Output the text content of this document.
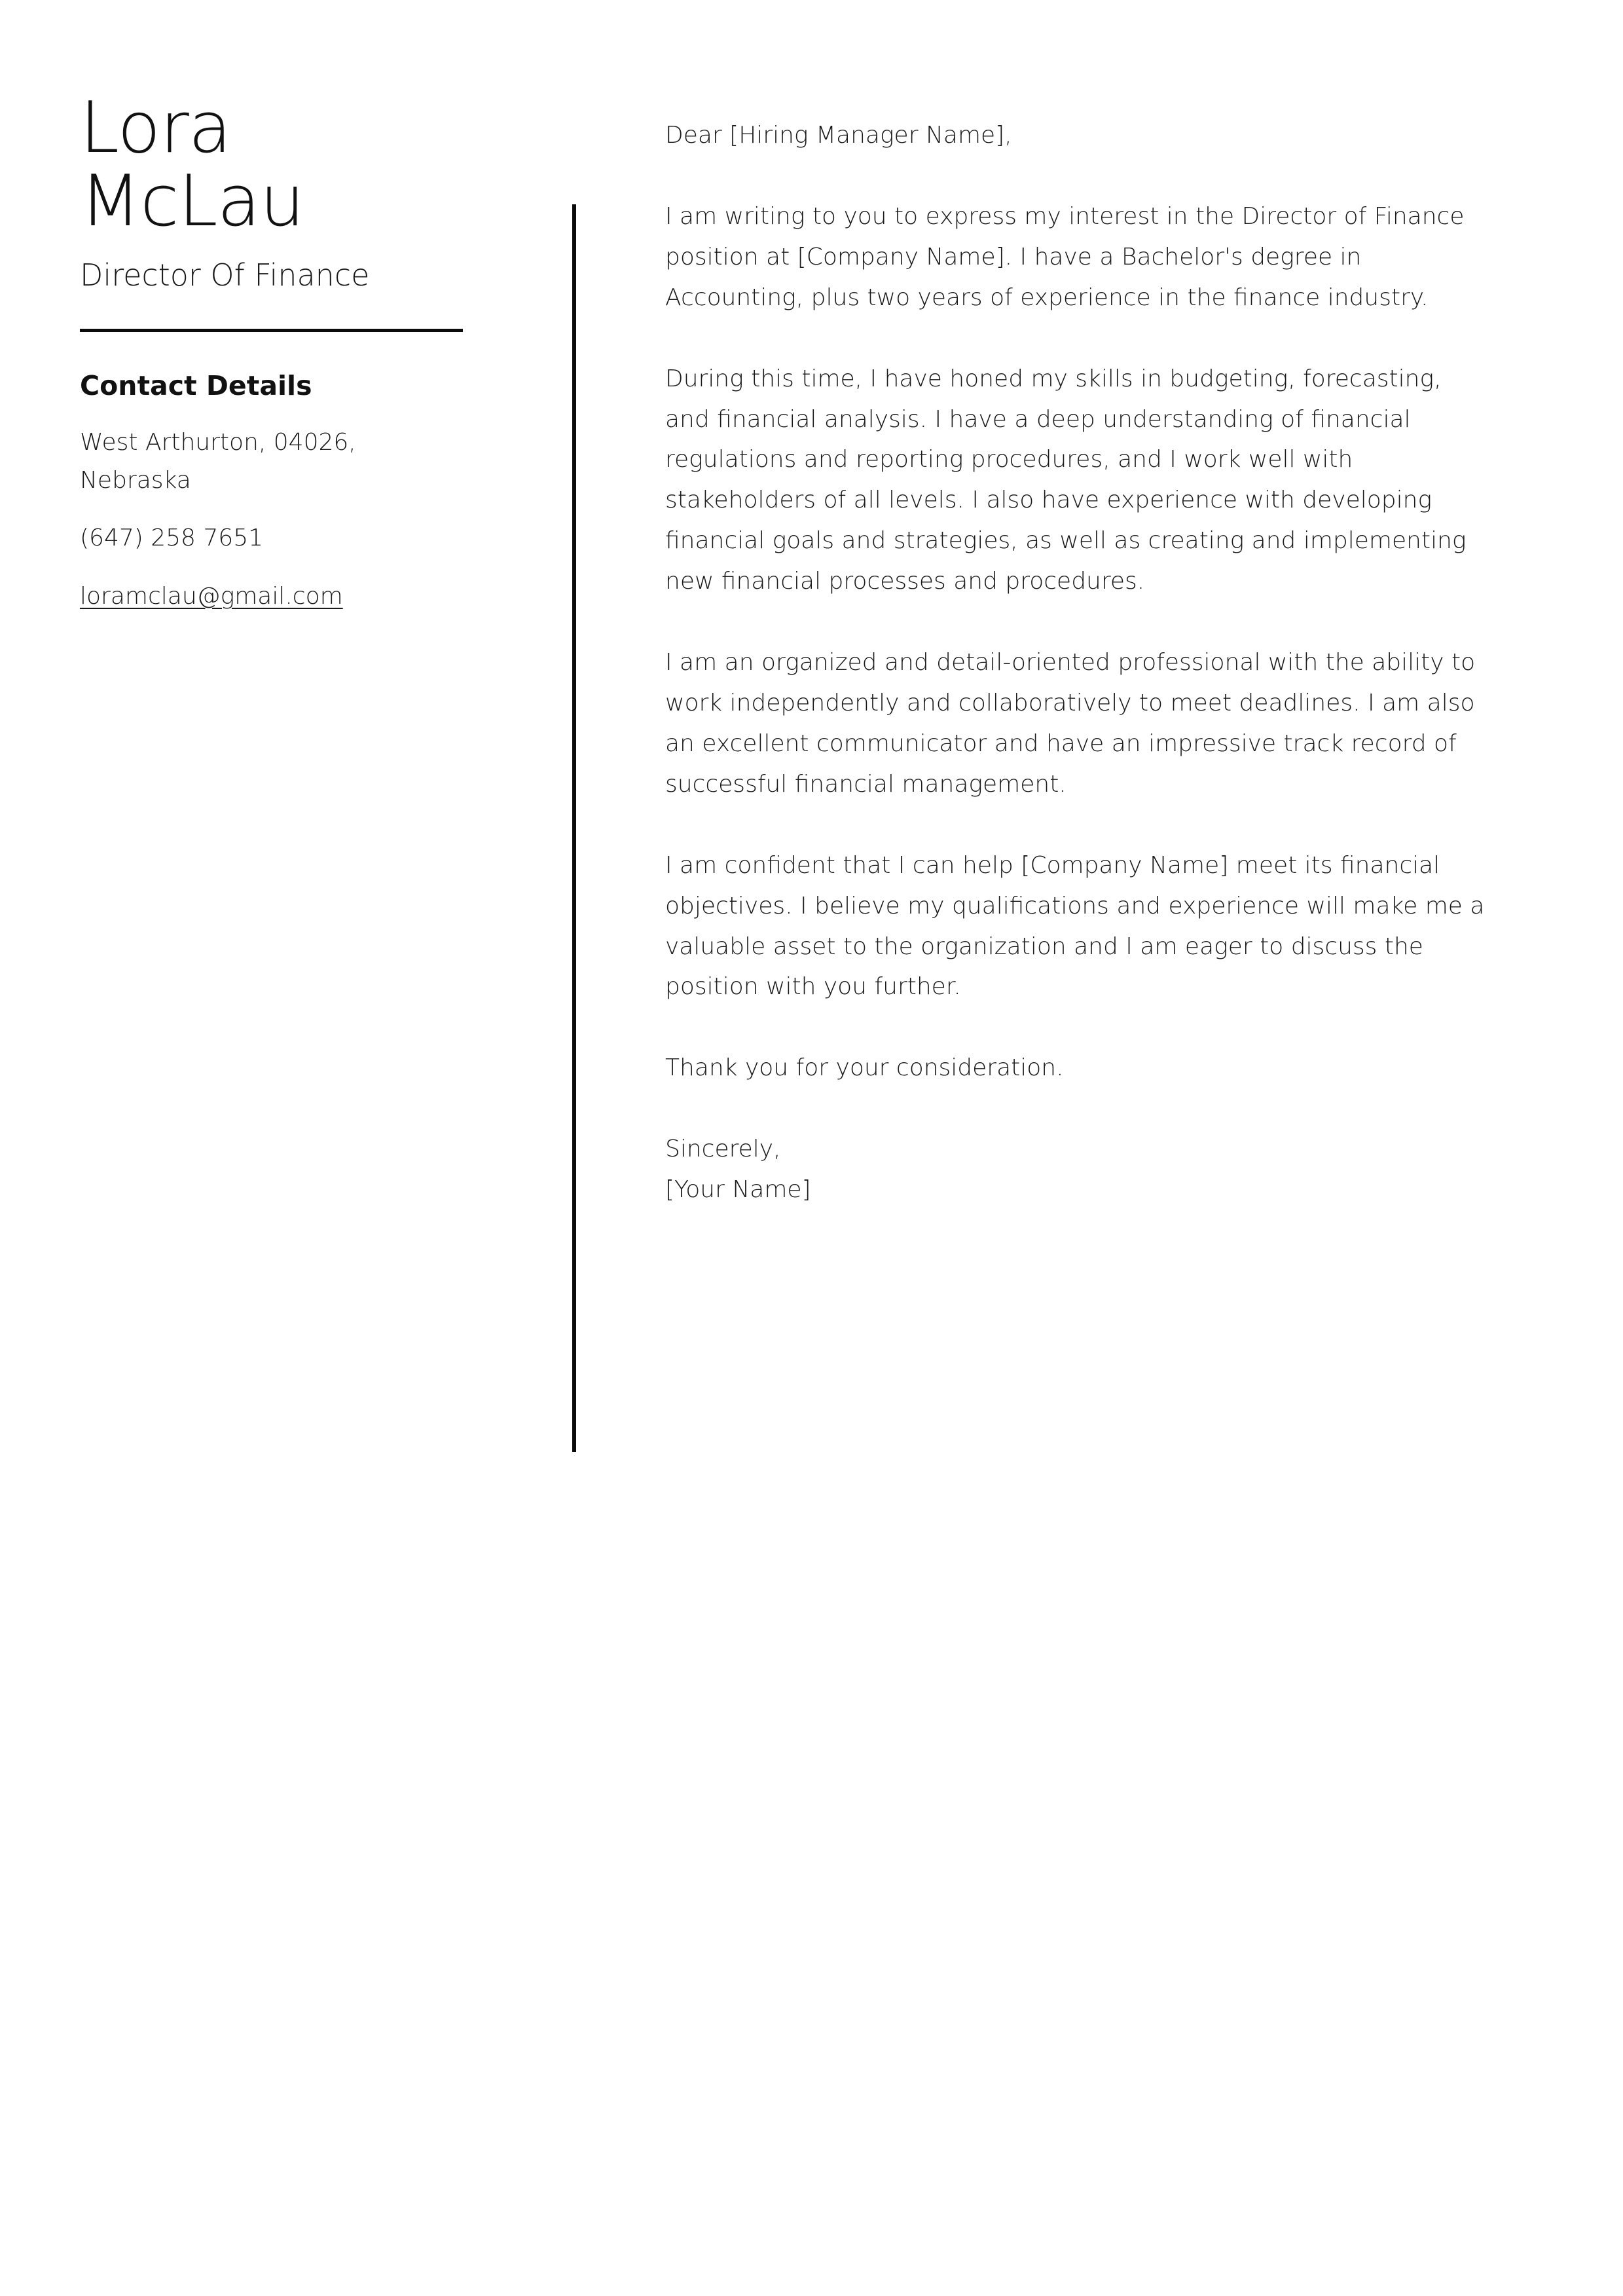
Lora
McLau
Director Of Finance
Contact Details
West Arthurton, 04026,
Nebraska
(647) 258 7651
loramclau@gmail.com

Dear [Hiring Manager Name],

I am writing to you to express my interest in the Director of Finance position at [Company Name]. I have a Bachelor's degree in Accounting, plus two years of experience in the finance industry.

During this time, I have honed my skills in budgeting, forecasting, and financial analysis. I have a deep understanding of financial regulations and reporting procedures, and I work well with stakeholders of all levels. I also have experience with developing financial goals and strategies, as well as creating and implementing new financial processes and procedures.

I am an organized and detail-oriented professional with the ability to work independently and collaboratively to meet deadlines. I am also an excellent communicator and have an impressive track record of successful financial management.

I am confident that I can help [Company Name] meet its financial objectives. I believe my qualifications and experience will make me a valuable asset to the organization and I am eager to discuss the position with you further.

Thank you for your consideration.

Sincerely,

[Your Name]
